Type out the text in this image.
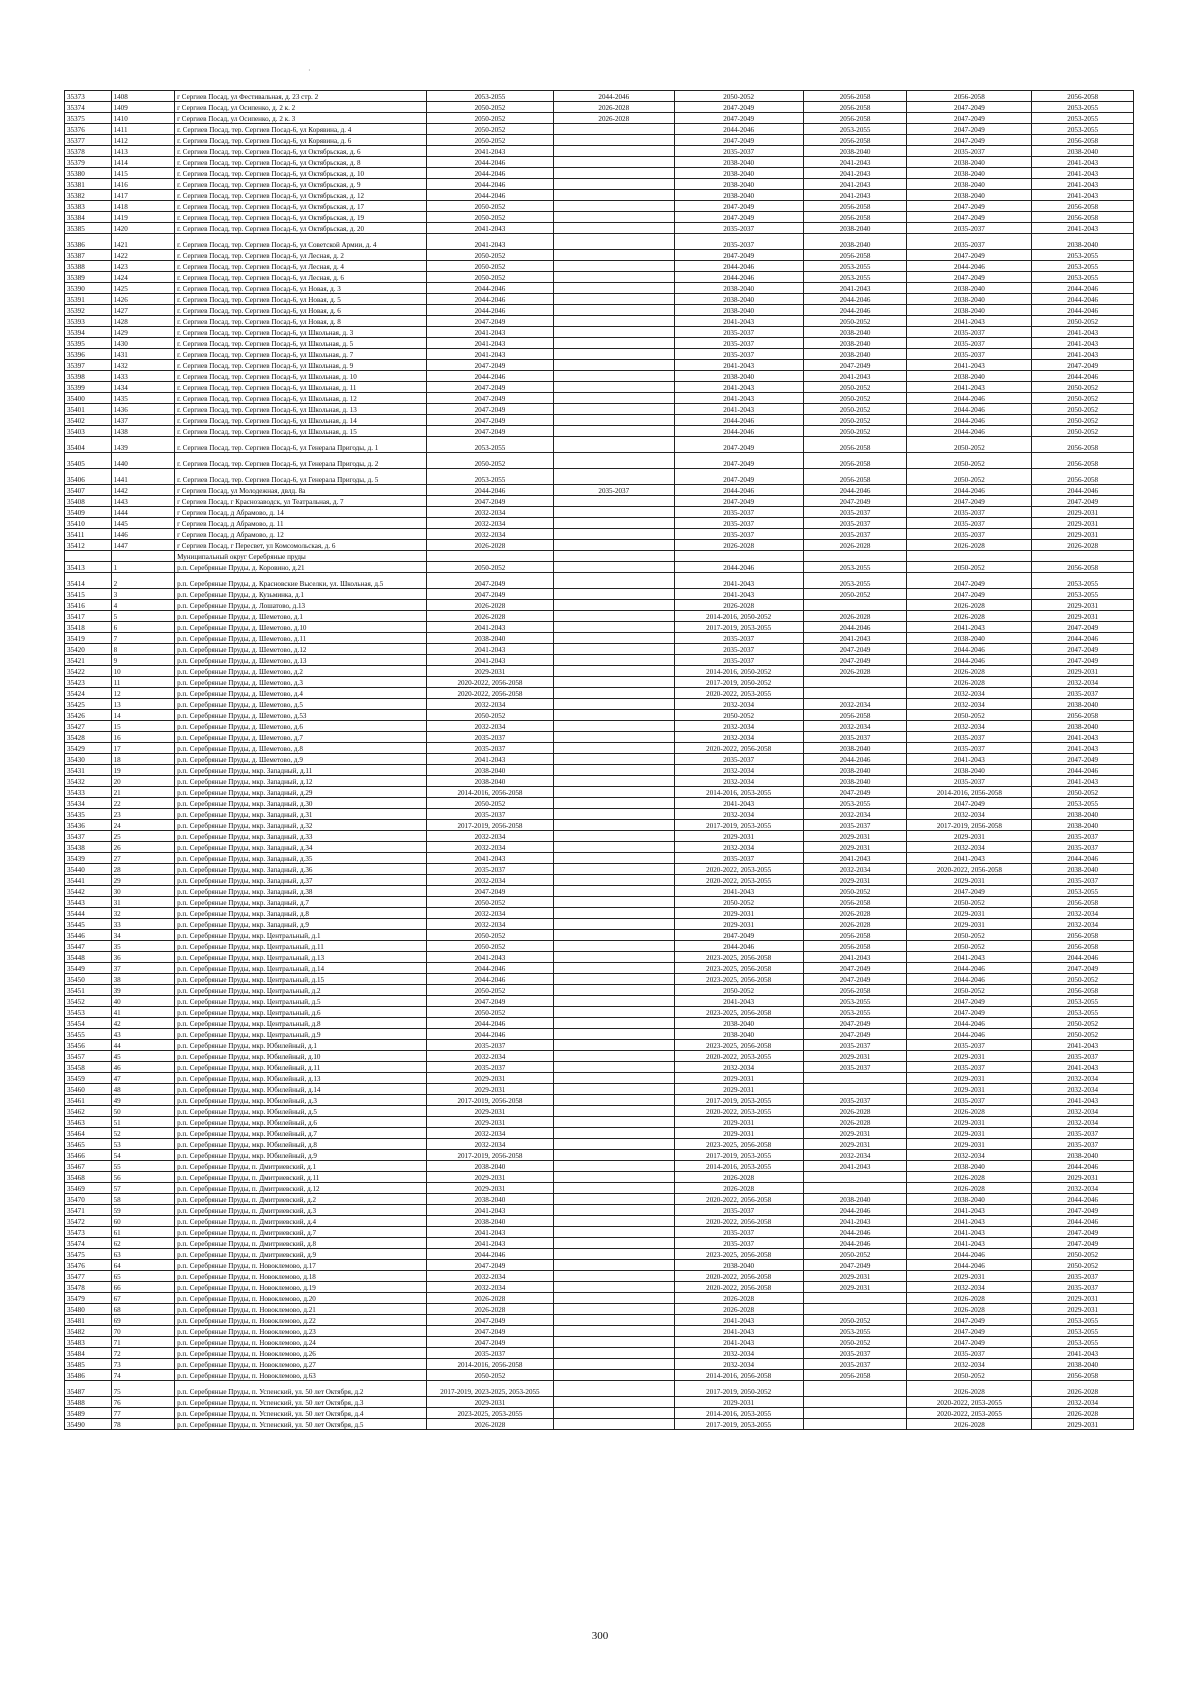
·
35373	1408	г Сергиев Посад, ул Фестивальная, д. 23 стр. 2	2053-2055	2044-2046	2050-2052	2056-2058	2056-2058	2056-2058
35374	1409	г Сергиев Посад, ул Осипенко, д. 2 к. 2	2050-2052	2026-2028	2047-2049	2056-2058	2047-2049	2053-2055
35375	1410	г Сергиев Посад, ул Осипенко, д. 2 к. 3	2050-2052	2026-2028	2047-2049	2056-2058	2047-2049	2053-2055
35376	1411	г. Сергиев Посад, тер. Сергиев Посад-6, ул Корявина, д. 4	2050-2052		2044-2046	2053-2055	2047-2049	2053-2055
35377	1412	г. Сергиев Посад, тер. Сергиев Посад-6, ул Корявина, д. 6	2050-2052		2047-2049	2056-2058	2047-2049	2056-2058
35378	1413	г. Сергиев Посад, тер. Сергиев Посад-6, ул Октябрьская, д. 6	2041-2043		2035-2037	2038-2040	2035-2037	2038-2040
35379	1414	г. Сергиев Посад, тер. Сергиев Посад-6, ул Октябрьская, д. 8	2044-2046		2038-2040	2041-2043	2038-2040	2041-2043
35380	1415	г. Сергиев Посад, тер. Сергиев Посад-6, ул Октябрьская, д. 10	2044-2046		2038-2040	2041-2043	2038-2040	2041-2043
35381	1416	г. Сергиев Посад, тер. Сергиев Посад-6, ул Октябрьская, д. 9	2044-2046		2038-2040	2041-2043	2038-2040	2041-2043
35382	1417	г. Сергиев Посад, тер. Сергиев Посад-6, ул Октябрьская, д. 12	2044-2046		2038-2040	2041-2043	2038-2040	2041-2043
35383	1418	г. Сергиев Посад, тер. Сергиев Посад-6, ул Октябрьская, д. 17	2050-2052		2047-2049	2056-2058	2047-2049	2056-2058
35384	1419	г. Сергиев Посад, тер. Сергиев Посад-6, ул Октябрьская, д. 19	2050-2052		2047-2049	2056-2058	2047-2049	2056-2058
35385	1420	г. Сергиев Посад, тер. Сергиев Посад-6, ул Октябрьская, д. 20	2041-2043		2035-2037	2038-2040	2035-2037	2041-2043
35386	1421	г. Сергиев Посад, тер. Сергиев Посад-6, ул Советской Армии, д. 4	2041-2043		2035-2037	2038-2040	2035-2037	2038-2040
35387	1422	г. Сергиев Посад, тер. Сергиев Посад-6, ул Лесная, д. 2	2050-2052		2047-2049	2056-2058	2047-2049	2053-2055
35388	1423	г. Сергиев Посад, тер. Сергиев Посад-6, ул Лесная, д. 4	2050-2052		2044-2046	2053-2055	2044-2046	2053-2055
35389	1424	г. Сергиев Посад, тер. Сергиев Посад-6, ул Лесная, д. 6	2050-2052		2044-2046	2053-2055	2047-2049	2053-2055
35390	1425	г. Сергиев Посад, тер. Сергиев Посад-6, ул Новая, д. 3	2044-2046		2038-2040	2041-2043	2038-2040	2044-2046
35391	1426	г. Сергиев Посад, тер. Сергиев Посад-6, ул Новая, д. 5	2044-2046		2038-2040	2044-2046	2038-2040	2044-2046
35392	1427	г. Сергиев Посад, тер. Сергиев Посад-6, ул Новая, д. 6	2044-2046		2038-2040	2044-2046	2038-2040	2044-2046
35393	1428	г. Сергиев Посад, тер. Сергиев Посад-6, ул Новая, д. 8	2047-2049		2041-2043	2050-2052	2041-2043	2050-2052
35394	1429	г. Сергиев Посад, тер. Сергиев Посад-6, ул Школьная, д. 3	2041-2043		2035-2037	2038-2040	2035-2037	2041-2043
35395	1430	г. Сергиев Посад, тер. Сергиев Посад-6, ул Школьная, д. 5	2041-2043		2035-2037	2038-2040	2035-2037	2041-2043
35396	1431	г. Сергиев Посад, тер. Сергиев Посад-6, ул Школьная, д. 7	2041-2043		2035-2037	2038-2040	2035-2037	2041-2043
35397	1432	г. Сергиев Посад, тер. Сергиев Посад-6, ул Школьная, д. 9	2047-2049		2041-2043	2047-2049	2041-2043	2047-2049
35398	1433	г. Сергиев Посад, тер. Сергиев Посад-6, ул Школьная, д. 10	2044-2046		2038-2040	2041-2043	2038-2040	2044-2046
35399	1434	г. Сергиев Посад, тер. Сергиев Посад-6, ул Школьная, д. 11	2047-2049		2041-2043	2050-2052	2041-2043	2050-2052
35400	1435	г. Сергиев Посад, тер. Сергиев Посад-6, ул Школьная, д. 12	2047-2049		2041-2043	2050-2052	2044-2046	2050-2052
35401	1436	г. Сергиев Посад, тер. Сергиев Посад-6, ул Школьная, д. 13	2047-2049		2041-2043	2050-2052	2044-2046	2050-2052
35402	1437	г. Сергиев Посад, тер. Сергиев Посад-6, ул Школьная, д. 14	2047-2049		2044-2046	2050-2052	2044-2046	2050-2052
35403	1438	г. Сергиев Посад, тер. Сергиев Посад-6, ул Школьная, д. 15	2047-2049		2044-2046	2050-2052	2044-2046	2050-2052
35404	1439	г. Сергиев Посад, тер. Сергиев Посад-6, ул Генерала Пригоды, д. 1	2053-2055		2047-2049	2056-2058	2050-2052	2056-2058
35405	1440	г. Сергиев Посад, тер. Сергиев Посад-6, ул Генерала Пригоды, д. 2	2050-2052		2047-2049	2056-2058	2050-2052	2056-2058
35406	1441	г. Сергиев Посад, тер. Сергиев Посад-6, ул Генерала Пригоды, д. 5	2053-2055		2047-2049	2056-2058	2050-2052	2056-2058
35407	1442	г Сергиев Посад, ул Молодежная, двлд. 8а	2044-2046	2035-2037	2044-2046	2044-2046	2044-2046	2044-2046
35408	1443	г Сергиев Посад, г Краснозаводск, ул Театральная, д. 7	2047-2049		2047-2049	2047-2049	2047-2049	2047-2049
35409	1444	г Сергиев Посад, д Абрамово, д. 14	2032-2034		2035-2037	2035-2037	2035-2037	2029-2031
35410	1445	г Сергиев Посад, д Абрамово, д. 11	2032-2034		2035-2037	2035-2037	2035-2037	2029-2031
35411	1446	г Сергиев Посад, д Абрамово, д. 12	2032-2034		2035-2037	2035-2037	2035-2037	2029-2031
35412	1447	г Сергиев Посад, г Пересвет, ул Комсомольская, д. 6	2026-2028		2026-2028	2026-2028	2026-2028	2026-2028
		Муниципальный округ Серебряные пруды						
35413	1	р.п. Серебряные Пруды, д. Коровино, д.21	2050-2052		2044-2046	2053-2055	2050-2052	2056-2058
35414	2	р.п. Серебряные Пруды, д. Красновские Выселки, ул. Школьная, д.5	2047-2049		2041-2043	2053-2055	2047-2049	2053-2055
35415	3	р.п. Серебряные Пруды, д. Кузьминка, д.1	2047-2049		2041-2043	2050-2052	2047-2049	2053-2055
35416	4	р.п. Серебряные Пруды, д. Лошатово, д.13	2026-2028		2026-2028		2026-2028	2029-2031
35417	5	р.п. Серебряные Пруды, д. Шеметово, д.1	2026-2028		2014-2016, 2050-2052	2026-2028	2026-2028	2029-2031
35418	6	р.п. Серебряные Пруды, д. Шеметово, д.10	2041-2043		2017-2019, 2053-2055	2044-2046	2041-2043	2047-2049
35419	7	р.п. Серебряные Пруды, д. Шеметово, д.11	2038-2040		2035-2037	2041-2043	2038-2040	2044-2046
35420	8	р.п. Серебряные Пруды, д. Шеметово, д.12	2041-2043		2035-2037	2047-2049	2044-2046	2047-2049
35421	9	р.п. Серебряные Пруды, д. Шеметово, д.13	2041-2043		2035-2037	2047-2049	2044-2046	2047-2049
35422	10	р.п. Серебряные Пруды, д. Шеметово, д.2	2029-2031		2014-2016, 2050-2052	2026-2028	2026-2028	2029-2031
35423	11	р.п. Серебряные Пруды, д. Шеметово, д.3	2020-2022, 2056-2058		2017-2019, 2050-2052		2026-2028	2032-2034
35424	12	р.п. Серебряные Пруды, д. Шеметово, д.4	2020-2022, 2056-2058		2020-2022, 2053-2055		2032-2034	2035-2037
35425	13	р.п. Серебряные Пруды, д. Шеметово, д.5	2032-2034		2032-2034	2032-2034	2032-2034	2038-2040
35426	14	р.п. Серебряные Пруды, д. Шеметово, д.53	2050-2052		2050-2052	2056-2058	2050-2052	2056-2058
35427	15	р.п. Серебряные Пруды, д. Шеметово, д.6	2032-2034		2032-2034	2032-2034	2032-2034	2038-2040
35428	16	р.п. Серебряные Пруды, д. Шеметово, д.7	2035-2037		2032-2034	2035-2037	2035-2037	2041-2043
35429	17	р.п. Серебряные Пруды, д. Шеметово, д.8	2035-2037		2020-2022, 2056-2058	2038-2040	2035-2037	2041-2043
35430	18	р.п. Серебряные Пруды, д. Шеметово, д.9	2041-2043		2035-2037	2044-2046	2041-2043	2047-2049
35431	19	р.п. Серебряные Пруды, мкр. Западный, д.11	2038-2040		2032-2034	2038-2040	2038-2040	2044-2046
35432	20	р.п. Серебряные Пруды, мкр. Западный, д.12	2038-2040		2032-2034	2038-2040	2035-2037	2041-2043
35433	21	р.п. Серебряные Пруды, мкр. Западный, д.29	2014-2016, 2056-2058		2014-2016, 2053-2055	2047-2049	2014-2016, 2056-2058	2050-2052
35434	22	р.п. Серебряные Пруды, мкр. Западный, д.30	2050-2052		2041-2043	2053-2055	2047-2049	2053-2055
35435	23	р.п. Серебряные Пруды, мкр. Западный, д.31	2035-2037		2032-2034	2032-2034	2032-2034	2038-2040
35436	24	р.п. Серебряные Пруды, мкр. Западный, д.32	2017-2019, 2056-2058		2017-2019, 2053-2055	2035-2037	2017-2019, 2056-2058	2038-2040
35437	25	р.п. Серебряные Пруды, мкр. Западный, д.33	2032-2034		2029-2031	2029-2031	2029-2031	2035-2037
35438	26	р.п. Серебряные Пруды, мкр. Западный, д.34	2032-2034		2032-2034	2029-2031	2032-2034	2035-2037
35439	27	р.п. Серебряные Пруды, мкр. Западный, д.35	2041-2043		2035-2037	2041-2043	2041-2043	2044-2046
35440	28	р.п. Серебряные Пруды, мкр. Западный, д.36	2035-2037		2020-2022, 2053-2055	2032-2034	2020-2022, 2056-2058	2038-2040
35441	29	р.п. Серебряные Пруды, мкр. Западный, д.37	2032-2034		2020-2022, 2053-2055	2029-2031	2029-2031	2035-2037
35442	30	р.п. Серебряные Пруды, мкр. Западный, д.38	2047-2049		2041-2043	2050-2052	2047-2049	2053-2055
35443	31	р.п. Серебряные Пруды, мкр. Западный, д.7	2050-2052		2050-2052	2056-2058	2050-2052	2056-2058
35444	32	р.п. Серебряные Пруды, мкр. Западный, д.8	2032-2034		2029-2031	2026-2028	2029-2031	2032-2034
35445	33	р.п. Серебряные Пруды, мкр. Западный, д.9	2032-2034		2029-2031	2026-2028	2029-2031	2032-2034
35446	34	р.п. Серебряные Пруды, мкр. Центральный, д.1	2050-2052		2047-2049	2056-2058	2050-2052	2056-2058
35447	35	р.п. Серебряные Пруды, мкр. Центральный, д.11	2050-2052		2044-2046	2056-2058	2050-2052	2056-2058
35448	36	р.п. Серебряные Пруды, мкр. Центральный, д.13	2041-2043		2023-2025, 2056-2058	2041-2043	2041-2043	2044-2046
35449	37	р.п. Серебряные Пруды, мкр. Центральный, д.14	2044-2046		2023-2025, 2056-2058	2047-2049	2044-2046	2047-2049
35450	38	р.п. Серебряные Пруды, мкр. Центральный, д.15	2044-2046		2023-2025, 2056-2058	2047-2049	2044-2046	2050-2052
35451	39	р.п. Серебряные Пруды, мкр. Центральный, д.2	2050-2052		2050-2052	2056-2058	2050-2052	2056-2058
35452	40	р.п. Серебряные Пруды, мкр. Центральный, д.5	2047-2049		2041-2043	2053-2055	2047-2049	2053-2055
35453	41	р.п. Серебряные Пруды, мкр. Центральный, д.6	2050-2052		2023-2025, 2056-2058	2053-2055	2047-2049	2053-2055
35454	42	р.п. Серебряные Пруды, мкр. Центральный, д.8	2044-2046		2038-2040	2047-2049	2044-2046	2050-2052
35455	43	р.п. Серебряные Пруды, мкр. Центральный, д.9	2044-2046		2038-2040	2047-2049	2044-2046	2050-2052
35456	44	р.п. Серебряные Пруды, мкр. Юбилейный, д.1	2035-2037		2023-2025, 2056-2058	2035-2037	2035-2037	2041-2043
35457	45	р.п. Серебряные Пруды, мкр. Юбилейный, д.10	2032-2034		2020-2022, 2053-2055	2029-2031	2029-2031	2035-2037
35458	46	р.п. Серебряные Пруды, мкр. Юбилейный, д.11	2035-2037		2032-2034	2035-2037	2035-2037	2041-2043
35459	47	р.п. Серебряные Пруды, мкр. Юбилейный, д.13	2029-2031		2029-2031		2029-2031	2032-2034
35460	48	р.п. Серебряные Пруды, мкр. Юбилейный, д.14	2029-2031		2029-2031		2029-2031	2032-2034
35461	49	р.п. Серебряные Пруды, мкр. Юбилейный, д.3	2017-2019, 2056-2058		2017-2019, 2053-2055	2035-2037	2035-2037	2041-2043
35462	50	р.п. Серебряные Пруды, мкр. Юбилейный, д.5	2029-2031		2020-2022, 2053-2055	2026-2028	2026-2028	2032-2034
35463	51	р.п. Серебряные Пруды, мкр. Юбилейный, д.6	2029-2031		2029-2031	2026-2028	2029-2031	2032-2034
35464	52	р.п. Серебряные Пруды, мкр. Юбилейный, д.7	2032-2034		2029-2031	2029-2031	2029-2031	2035-2037
35465	53	р.п. Серебряные Пруды, мкр. Юбилейный, д.8	2032-2034		2023-2025, 2056-2058	2029-2031	2029-2031	2035-2037
35466	54	р.п. Серебряные Пруды, мкр. Юбилейный, д.9	2017-2019, 2056-2058		2017-2019, 2053-2055	2032-2034	2032-2034	2038-2040
35467	55	р.п. Серебряные Пруды, п. Дмитриевский, д.1	2038-2040		2014-2016, 2053-2055	2041-2043	2038-2040	2044-2046
35468	56	р.п. Серебряные Пруды, п. Дмитриевский, д.11	2029-2031		2026-2028		2026-2028	2029-2031
35469	57	р.п. Серебряные Пруды, п. Дмитриевский, д.12	2029-2031		2026-2028		2026-2028	2032-2034
35470	58	р.п. Серебряные Пруды, п. Дмитриевский, д.2	2038-2040		2020-2022, 2056-2058	2038-2040	2038-2040	2044-2046
35471	59	р.п. Серебряные Пруды, п. Дмитриевский, д.3	2041-2043		2035-2037	2044-2046	2041-2043	2047-2049
35472	60	р.п. Серебряные Пруды, п. Дмитриевский, д.4	2038-2040		2020-2022, 2056-2058	2041-2043	2041-2043	2044-2046
35473	61	р.п. Серебряные Пруды, п. Дмитриевский, д.7	2041-2043		2035-2037	2044-2046	2041-2043	2047-2049
35474	62	р.п. Серебряные Пруды, п. Дмитриевский, д.8	2041-2043		2035-2037	2044-2046	2041-2043	2047-2049
35475	63	р.п. Серебряные Пруды, п. Дмитриевский, д.9	2044-2046		2023-2025, 2056-2058	2050-2052	2044-2046	2050-2052
35476	64	р.п. Серебряные Пруды, п. Новоклемово, д.17	2047-2049		2038-2040	2047-2049	2044-2046	2050-2052
35477	65	р.п. Серебряные Пруды, п. Новоклемово, д.18	2032-2034		2020-2022, 2056-2058	2029-2031	2029-2031	2035-2037
35478	66	р.п. Серебряные Пруды, п. Новоклемово, д.19	2032-2034		2020-2022, 2056-2058	2029-2031	2032-2034	2035-2037
35479	67	р.п. Серебряные Пруды, п. Новоклемово, д.20	2026-2028		2026-2028		2026-2028	2029-2031
35480	68	р.п. Серебряные Пруды, п. Новоклемово, д.21	2026-2028		2026-2028		2026-2028	2029-2031
35481	69	р.п. Серебряные Пруды, п. Новоклемово, д.22	2047-2049		2041-2043	2050-2052	2047-2049	2053-2055
35482	70	р.п. Серебряные Пруды, п. Новоклемово, д.23	2047-2049		2041-2043	2053-2055	2047-2049	2053-2055
35483	71	р.п. Серебряные Пруды, п. Новоклемово, д.24	2047-2049		2041-2043	2050-2052	2047-2049	2053-2055
35484	72	р.п. Серебряные Пруды, п. Новоклемово, д.26	2035-2037		2032-2034	2035-2037	2035-2037	2041-2043
35485	73	р.п. Серебряные Пруды, п. Новоклемово, д.27	2014-2016, 2056-2058		2032-2034	2035-2037	2032-2034	2038-2040
35486	74	р.п. Серебряные Пруды, п. Новоклемово, д.63	2050-2052		2014-2016, 2056-2058	2056-2058	2050-2052	2056-2058
35487	75	р.п. Серебряные Пруды, п. Успенский, ул. 50 лет Октября, д.2	2017-2019, 2023-2025, 2053-2055		2017-2019, 2050-2052		2026-2028	2026-2028
35488	76	р.п. Серебряные Пруды, п. Успенский, ул. 50 лет Октября, д.3	2029-2031		2029-2031		2020-2022, 2053-2055	2032-2034
35489	77	р.п. Серебряные Пруды, п. Успенский, ул. 50 лет Октября, д.4	2023-2025, 2053-2055		2014-2016, 2053-2055		2020-2022, 2053-2055	2026-2028
35490	78	р.п. Серебряные Пруды, п. Успенский, ул. 50 лет Октября, д.5	2026-2028		2017-2019, 2053-2055		2026-2028	2029-2031
300
